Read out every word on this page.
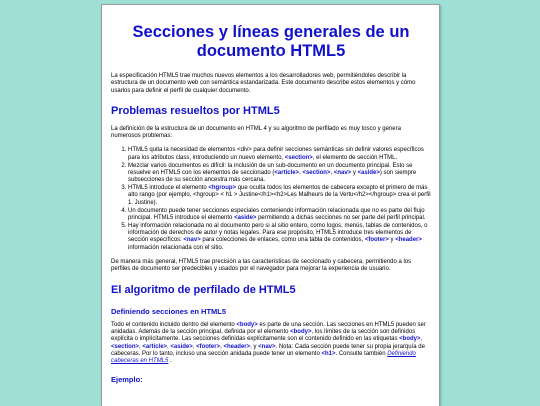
Secciones y líneas generales de un documento HTML5

La especificación HTML5 trae muchos nuevos elementos a los desarrolladores web, permitiéndoles describir la estructura de un documento web con semántica estandarizada. Este documento describe estos elementos y cómo usarlos para definir el perfil de cualquier documento.

Problemas resueltos por HTML5

La definición de la estructura de un documento en HTML 4 y su algoritmo de perfilado es muy tosco y genera numerosos problemas:

1. HTML5 quita la necesidad de elementos <div> para definir secciones semánticas sin definir valores específicos para los atributos class, introduciendo un nuevo elemento, <section>, el elemento de sección HTML.
2. Mezclar varios documentos es difícil: la inclusión de un sub-documento en un documento principal. Esto se resuelve en HTML5 con los elementos de seccionado (<article>, <section>, <nav> y <aside>) son siempre subsecciones de su sección ancestra más cercana.
3. HTML5 introduce el elemento <hgroup> que oculta todos los elementos de cabecera excepto el primero de más alto rango (por ejemplo, <hgroup> < h1 > Justine</h1><h2>Les Malheurs de la Vertu</h2></hgroup> crea el perfil 1. Justine).
4. Un documento puede tener secciones especiales conteniendo información relacionada que no es parte del flujo principal. HTML5 introduce el elemento <aside> permitiendo a dichas secciones no ser parte del perfil principal.
5. Hay información relacionada no al documento pero si al sitio entero, como logos, menús, tablas de contenidos, o información de derechos de autor y notas legales. Para ese propósito, HTML5 introduce tres elementos de sección específicos: <nav> para colecciones de enlaces, como una tabla de contenidos, <footer> y <header> información relacionada con el sitio.

De manera más general, HTML5 trae precisión a las características de seccionado y cabecera, permitiendo a los perfiles de documento ser predecibles y usados por el navegador para mejorar la experiencia de usuario.

El algoritmo de perfilado de HTML5
Definiendo secciones en HTML5

Todo el contenido incluido dentro del elemento <body> es parte de una sección. Las secciones en HTML5 pueden ser anidadas. Además de la sección principal, definida por el elemento <body>, los límites de la sección son definidos explícita o implícitamente. Las secciones definidas explícitamente son el contenido definido en las etiquetas <body>, <section>, <article>, <aside>, <footer>, <header>, y <nav>. Nota: Cada sección puede tener su propia jerarquía de cabeceras. Por lo tanto, incluso una sección anidada puede tener un elemento <h1>. Consulte también Definiendo cabeceras en HTML5 .

Ejemplo:
